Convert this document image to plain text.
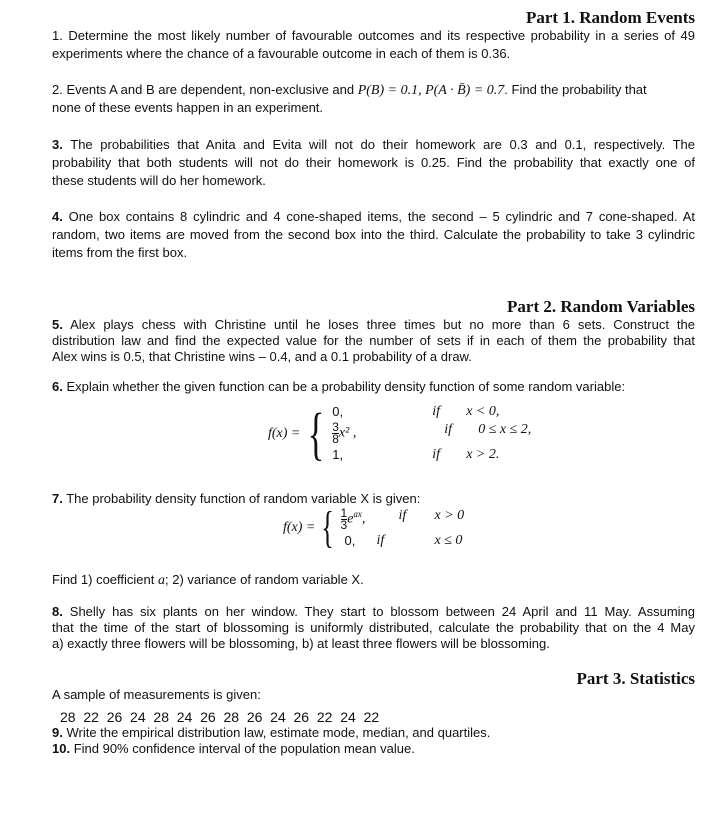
Part 1. Random Events
1. Determine the most likely number of favourable outcomes and its respective probability in a series of 49
experiments where the chance of a favourable outcome in each of them is 0.36.
2. Events A and B are dependent, non-exclusive and P(B) = 0.1, P(A · B̄) = 0.7. Find the probability that
none of these events happen in an experiment.
3. The probabilities that Anita and Evita will not do their homework are 0.3 and 0.1, respectively. The
probability that both students will not do their homework is 0.25. Find the probability that exactly one of
these students will do her homework.
4. One box contains 8 cylindric and 4 cone-shaped items, the second – 5 cylindric and 7 cone-shaped. At
random, two items are moved from the second box into the third. Calculate the probability to take 3 cylindric
items from the first box.
Part 2. Random Variables
5. Alex plays chess with Christine until he loses three times but no more than 6 sets. Construct the
distribution law and find the expected value for the number of sets if in each of them the probability that
Alex wins is 0.5, that Christine wins – 0.4, and a 0.1 probability of a draw.
6. Explain whether the given function can be a probability density function of some random variable:
f(x) = { 0,	if	x < 0,
$\frac{3}{8} x^2$ ,	if	0 ≤ x ≤ 2,
1,	if	x > 2.
7. The probability density function of random variable X is given:
f(x) = { $\frac{1}{3} e^{ax}$,	if	x > 0
0,	if	x ≤ 0
Find 1) coefficient a; 2) variance of random variable X.
8. Shelly has six plants on her window. They start to blossom between 24 April and 11 May. Assuming
that the time of the start of blossoming is uniformly distributed, calculate the probability that on the 4 May
a) exactly three flowers will be blossoming, b) at least three flowers will be blossoming.
Part 3. Statistics
A sample of measurements is given:
28  22  26  24  28  24  26  28  26  24  26  22  24  22
9. Write the empirical distribution law, estimate mode, median, and quartiles.
10. Find 90% confidence interval of the population mean value.
